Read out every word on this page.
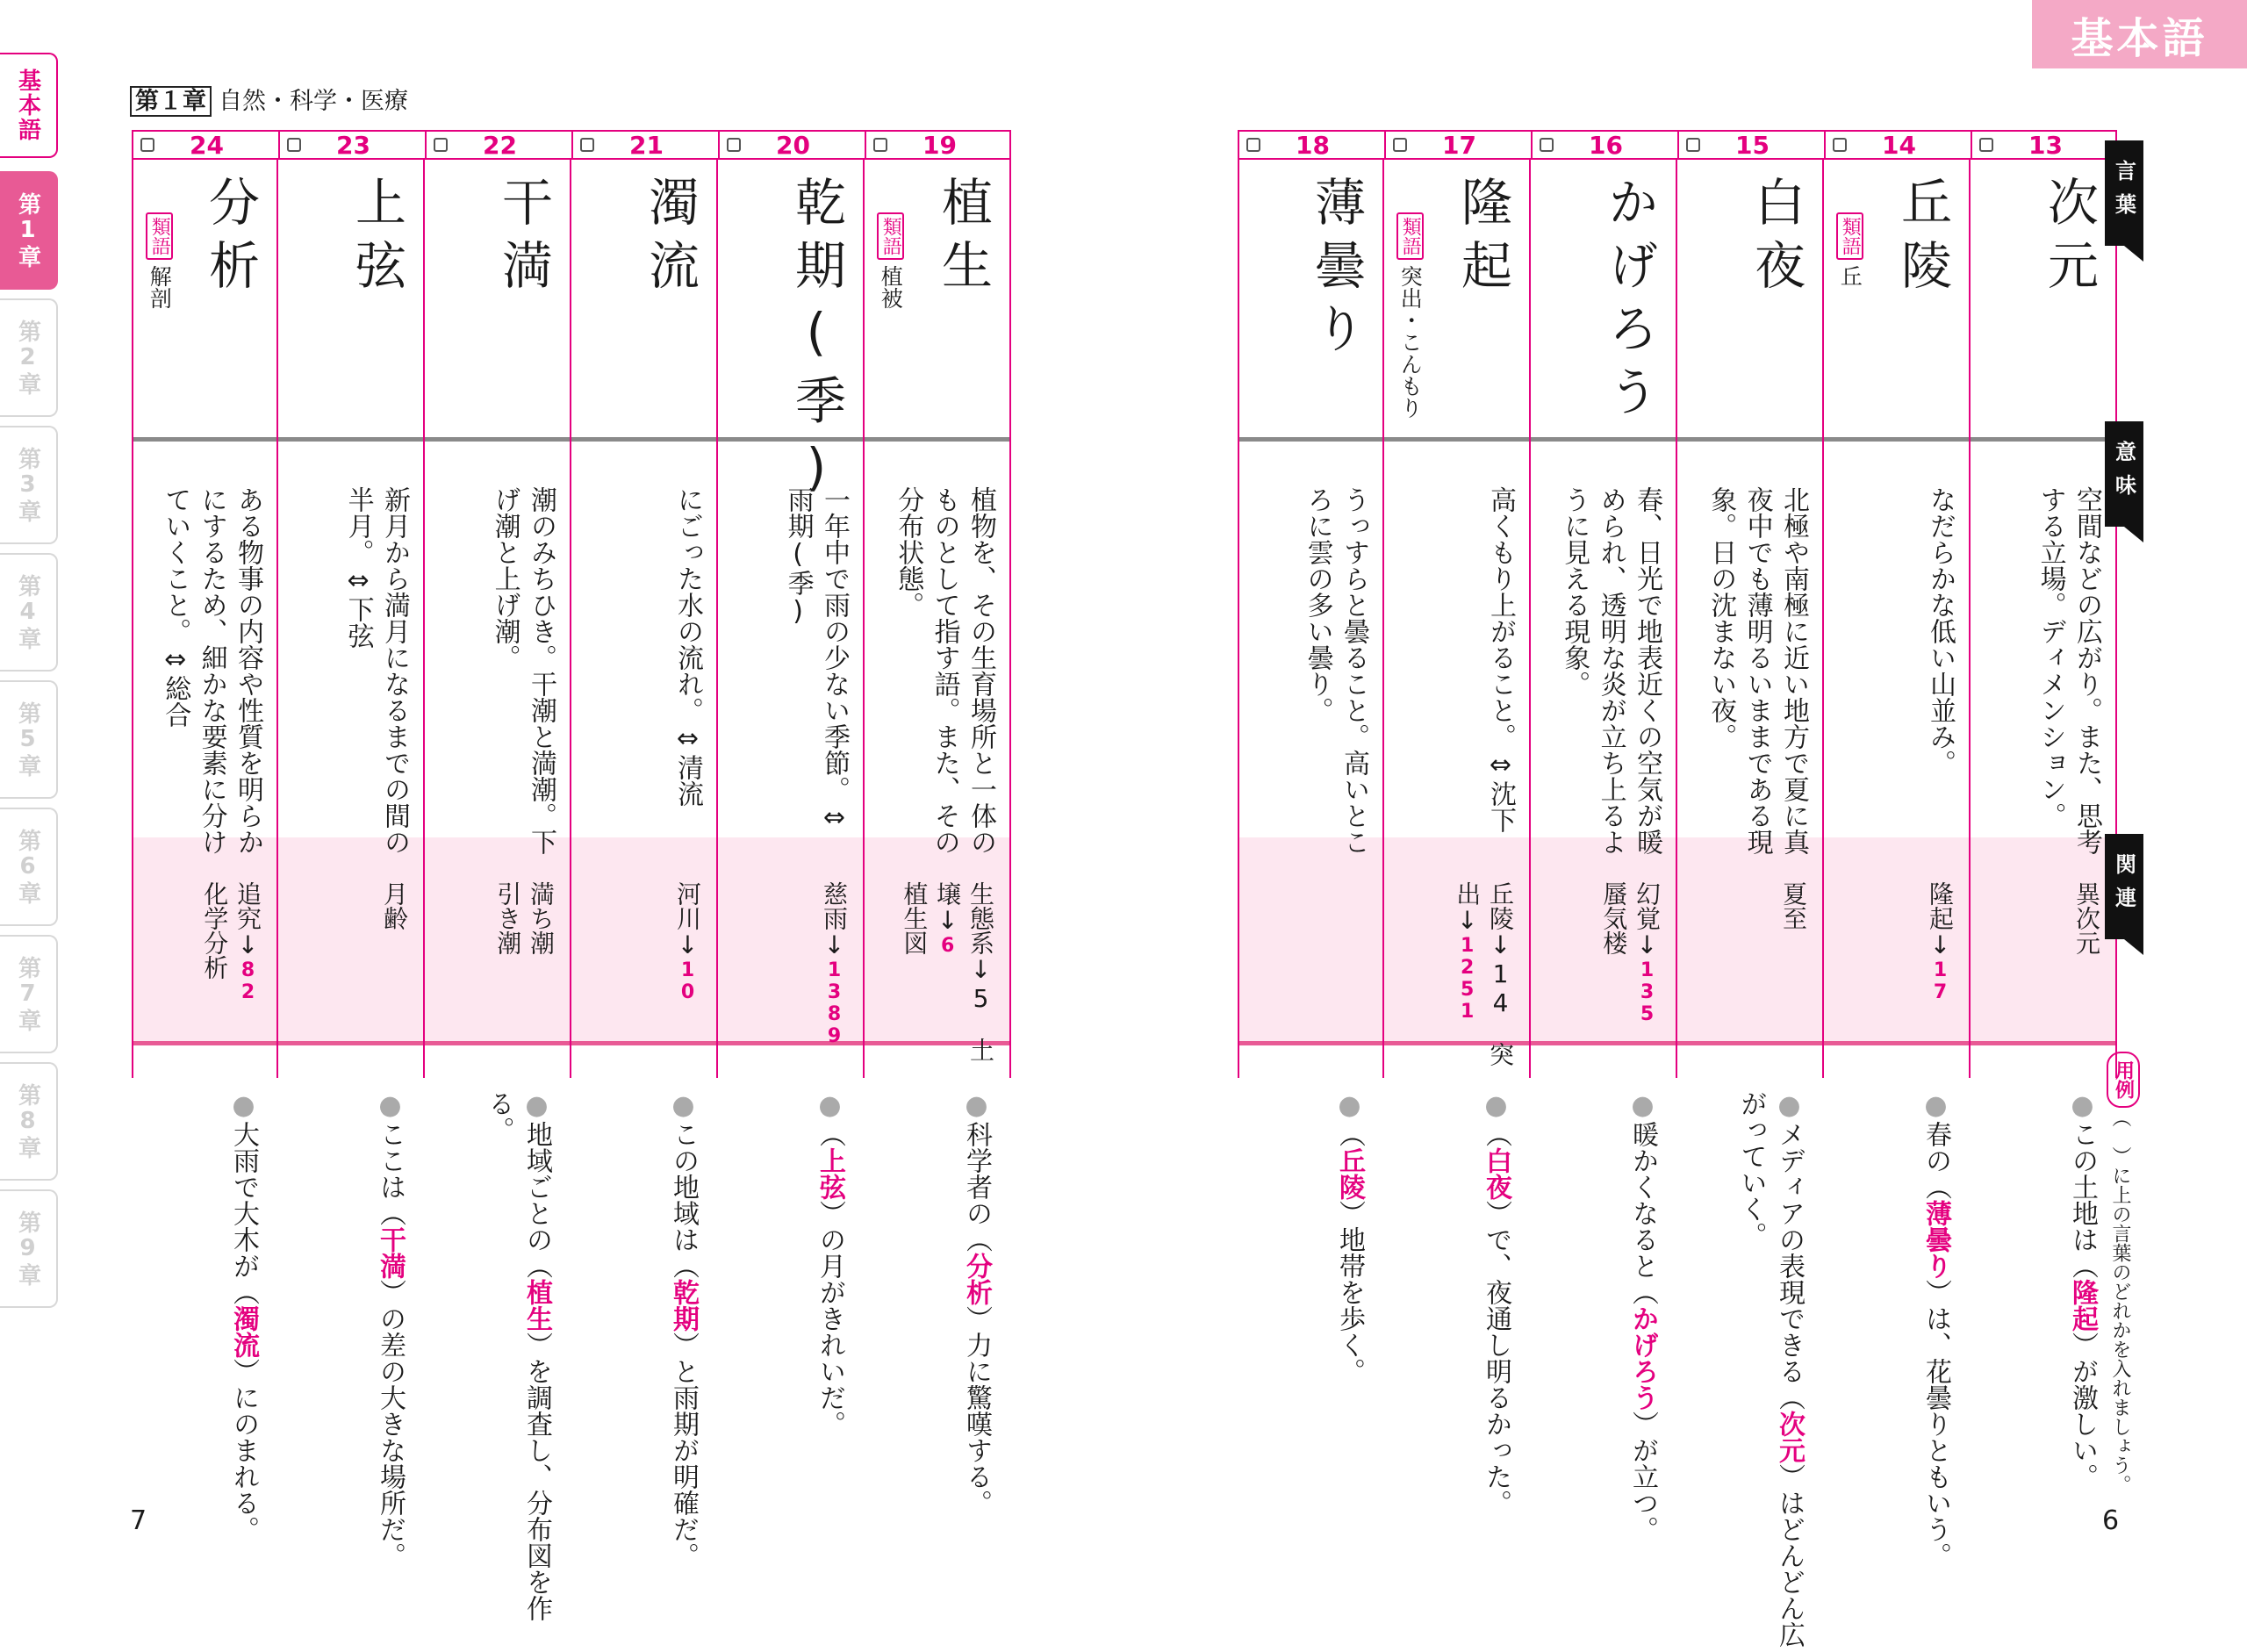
基本語
第１章 自然・科学・医療
基本語
第1章
第2章
第3章
第4章
第5章
第6章
第7章
第8章
第9章
24	23	22	21	20	19
分析
類語解剖
ある物事の内容や性質を明らかにするため、細かな要素に分けていくこと。⇔総合
追究↓82
化学分析
●大雨で大木が（濁流）にのまれる。
上弦
新月から満月になるまでの間の半月。⇔下弦
月齢

●ここは（干満）の差の大きな場所だ。
干満
潮のみちひき。干潮と満潮。下げ潮と上げ潮。
満ち潮
引き潮
●地域ごとの（植生）を調査し、分布図を作る。
濁流
にごった水の流れ。⇔清流
河川↓10

●この地域は（乾期）と雨期が明確だ。
乾期(季)
一年中で雨の少ない季節。⇔雨期(季)
慈雨↓1389

●（上弦）の月がきれいだ。
植生
類語植被
植物を、その生育場所と一体のものとして指す語。また、その分布状態。
生態系↓5　土壌↓6
植生図
●科学者の（分析）力に驚嘆する。
18	17	16	15	14	13
薄曇り
うっすらと曇ること。高いところに雲の多い曇り。

●（丘陵）地帯を歩く。
隆起
類語突出・こんもり
高くもり上がること。⇔沈下
丘陵↓14　突出↓1251

●（白夜）で、夜通し明るかった。
かげろう
春、日光で地表近くの空気が暖められ、透明な炎が立ち上るように見える現象。
幻覚↓135
蜃気楼
●暖かくなると（かげろう）が立つ。
白夜
北極や南極に近い地方で夏に真夜中でも薄明るいままである現象。日の沈まない夜。
夏至

●メディアの表現できる（次元）はどんどん広がっていく。
丘陵
類語丘
なだらかな低い山並み。
隆起↓17

●春の（薄曇り）は、花曇りともいう。
次元
空間などの広がり。また、思考する立場。ディメンション。
異次元

●この土地は（隆起）が激しい。
言葉
意味
関連
用例
（　）に上の言葉のどれかを入れましょう。
7	6
